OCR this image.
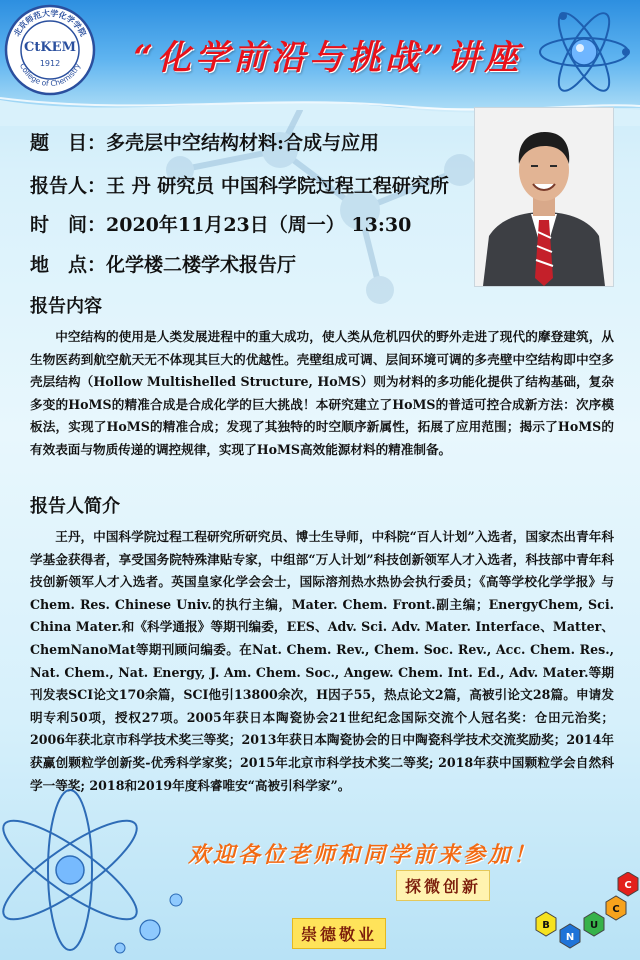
CtKEM
1912
北京师范大学化学学院
College of Chemistry	“化学前沿与挑战”讲座
题　目：多壳层中空结构材料:合成与应用
报告人：王 丹 研究员 中国科学院过程工程研究所
时　间：2020年11月23日（周一） 13:30
地　点：化学楼二楼学术报告厅
报告内容
中空结构的使用是人类发展进程中的重大成功，使人类从危机四伏的野外走进了现代的摩登建筑，从生物医药到航空航天无不体现其巨大的优越性。壳壁组成可调、层间环境可调的多壳壁中空结构即中空多壳层结构（Hollow Multishelled Structure, HoMS）则为材料的多功能化提供了结构基础，复杂多变的HoMS的精准合成是合成化学的巨大挑战！本研究建立了HoMS的普适可控合成新方法：次序模板法，实现了HoMS的精准合成；发现了其独特的时空顺序新属性，拓展了应用范围；揭示了HoMS的有效表面与物质传递的调控规律，实现了HoMS高效能源材料的精准制备。
报告人简介
王丹，中国科学院过程工程研究所研究员、博士生导师，中科院“百人计划”入选者，国家杰出青年科学基金获得者，享受国务院特殊津贴专家，中组部“万人计划”科技创新领军人才入选者，科技部中青年科技创新领军人才入选者。英国皇家化学会会士，国际溶剂热水热协会执行委员；《高等学校化学学报》与Chem. Res. Chinese Univ.的执行主编，Mater. Chem. Front.副主编；EnergyChem, Sci. China Mater.和《科学通报》等期刊编委，EES、Adv. Sci. Adv. Mater. Interface、Matter、ChemNanoMat等期刊顾问编委。在Nat. Chem. Rev., Chem. Soc. Rev., Acc. Chem. Res., Nat. Chem., Nat. Energy, J. Am. Chem. Soc., Angew. Chem. Int. Ed., Adv. Mater.等期刊发表SCI论文170余篇，SCI他引13800余次，H因子55，热点论文2篇，高被引论文28篇。申请发明专利50项，授权27项。2005年获日本陶瓷协会21世纪纪念国际交流个人冠名奖：仓田元治奖；2006年获北京市科学技术奖三等奖；2013年获日本陶瓷协会的日中陶瓷科学技术交流奖励奖；2014年获赢创颗粒学创新奖-优秀科学家奖；2015年北京市科学技术奖二等奖; 2018年获中国颗粒学会自然科学一等奖; 2018和2019年度科睿唯安“高被引科学家”。
欢迎各位老师和同学前来参加！
探微创新
崇德敬业	B
N
U
C
C
